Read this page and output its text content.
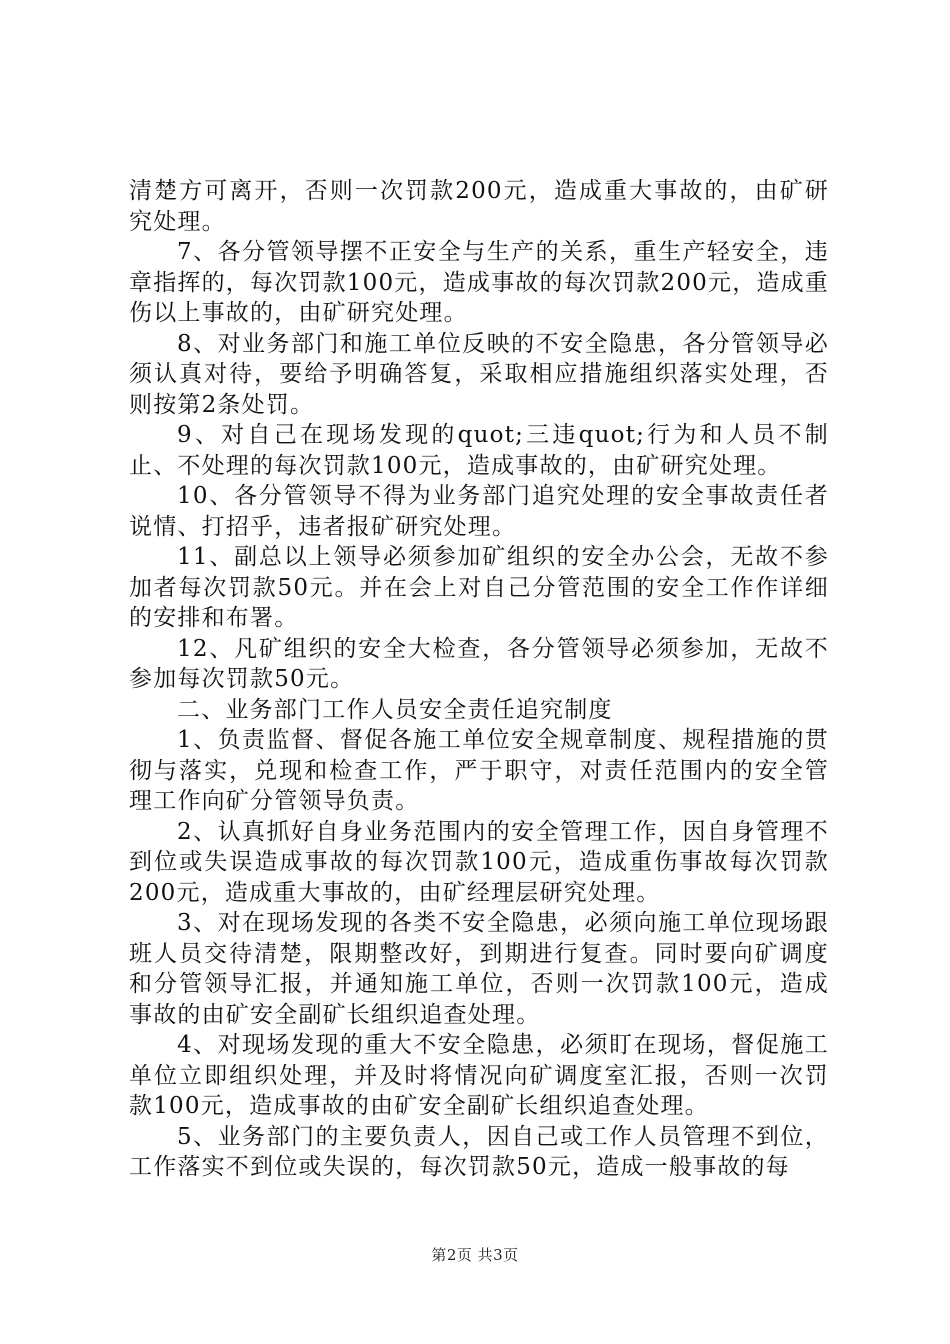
清楚方可离开，否则一次罚款200元，造成重大事故的，由矿研究处理。

7、各分管领导摆不正安全与生产的关系，重生产轻安全，违章指挥的，每次罚款100元，造成事故的每次罚款200元，造成重伤以上事故的，由矿研究处理。

8、对业务部门和施工单位反映的不安全隐患，各分管领导必须认真对待，要给予明确答复，采取相应措施组织落实处理，否则按第2条处罚。

9、对自己在现场发现的quot;三违quot;行为和人员不制止、不处理的每次罚款100元，造成事故的，由矿研究处理。

10、各分管领导不得为业务部门追究处理的安全事故责任者说情、打招乎，违者报矿研究处理。

11、副总以上领导必须参加矿组织的安全办公会，无故不参加者每次罚款50元。并在会上对自己分管范围的安全工作作详细的安排和布署。

12、凡矿组织的安全大检查，各分管领导必须参加，无故不参加每次罚款50元。

二、业务部门工作人员安全责任追究制度

1、负责监督、督促各施工单位安全规章制度、规程措施的贯彻与落实，兑现和检查工作，严于职守，对责任范围内的安全管理工作向矿分管领导负责。

2、认真抓好自身业务范围内的安全管理工作，因自身管理不到位或失误造成事故的每次罚款100元，造成重伤事故每次罚款200元，造成重大事故的，由矿经理层研究处理。

3、对在现场发现的各类不安全隐患，必须向施工单位现场跟班人员交待清楚，限期整改好，到期进行复查。同时要向矿调度和分管领导汇报，并通知施工单位，否则一次罚款100元，造成事故的由矿安全副矿长组织追查处理。

4、对现场发现的重大不安全隐患，必须盯在现场，督促施工单位立即组织处理，并及时将情况向矿调度室汇报，否则一次罚款100元，造成事故的由矿安全副矿长组织追查处理。

5、业务部门的主要负责人，因自己或工作人员管理不到位，工作落实不到位或失误的，每次罚款50元，造成一般事故的每

第2页 共3页
